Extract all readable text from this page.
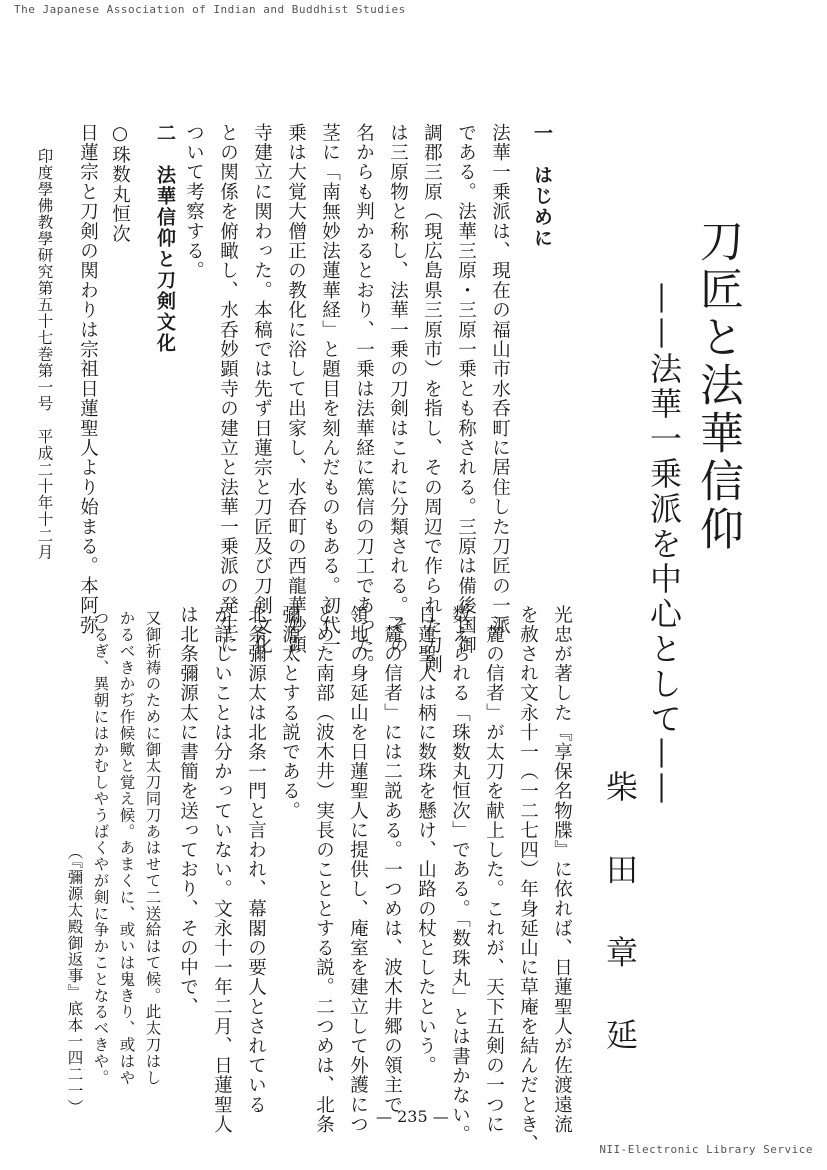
The Japanese Association of Indian and Buddhist Studies
NII-Electronic Library Service
刀匠と法華信仰
——法華一乗派を中心として——
柴　田　章　延
一　はじめに
法華一乗派は、現在の福山市水呑町に居住した刀匠の一派
である。法華三原・三原一乗とも称される。三原は備後国御
調郡三原（現広島県三原市）を指し、その周辺で作られた刀剣
は三原物と称し、法華一乗の刀剣はこれに分類される。その
名からも判かるとおり、一乗は法華経に篤信の刀工であった。
茎に「南無妙法蓮華経」と題目を刻んだものもある。初代一
乗は大覚大僧正の教化に浴して出家し、水呑町の西龍華妙顕
寺建立に関わった。本稿では先ず日蓮宗と刀匠及び刀剣文化
との関係を俯瞰し、水呑妙顕寺の建立と法華一乗派の発生に
ついて考察する。
二　法華信仰と刀剣文化
○珠数丸恒次
日蓮宗と刀剣の関わりは宗祖日蓮聖人より始まる。本阿弥
印度學佛教學研究第五十七巻第一号　平成二十年十二月
光忠が著した『享保名物牒』に依れば、日蓮聖人が佐渡遠流
を赦され文永十一（一二七四）年身延山に草庵を結んだとき、
「麓の信者」が太刀を献上した。これが、天下五剣の一つに
数えられる「珠数丸恒次」である。「数珠丸」とは書かない。
日蓮聖人は柄に数珠を懸け、山路の杖としたという。
「麓の信者」には二説ある。一つめは、波木井郷の領主で
領地の身延山を日蓮聖人に提供し、庵室を建立して外護につ
とめた南部（波木井）実長のこととする説。二つめは、北条
彌源太とする説である。
北条彌源太は北条一門と言われ、幕閣の要人とされている
が詳しいことは分かっていない。文永十一年二月、日蓮聖人
は北条彌源太に書簡を送っており、その中で、
又御祈祷のために御太刀同刀あはせて二送給はて候。此太刀はし
かるべきかぢ作候歟と覚え候。あまくに、或いは鬼きり、或はや
つるぎ、異朝にはかむしやうばくやが剣に争かことなるべきや。
（『彌源太殿御返事』底本一四二一）
— 235 —
